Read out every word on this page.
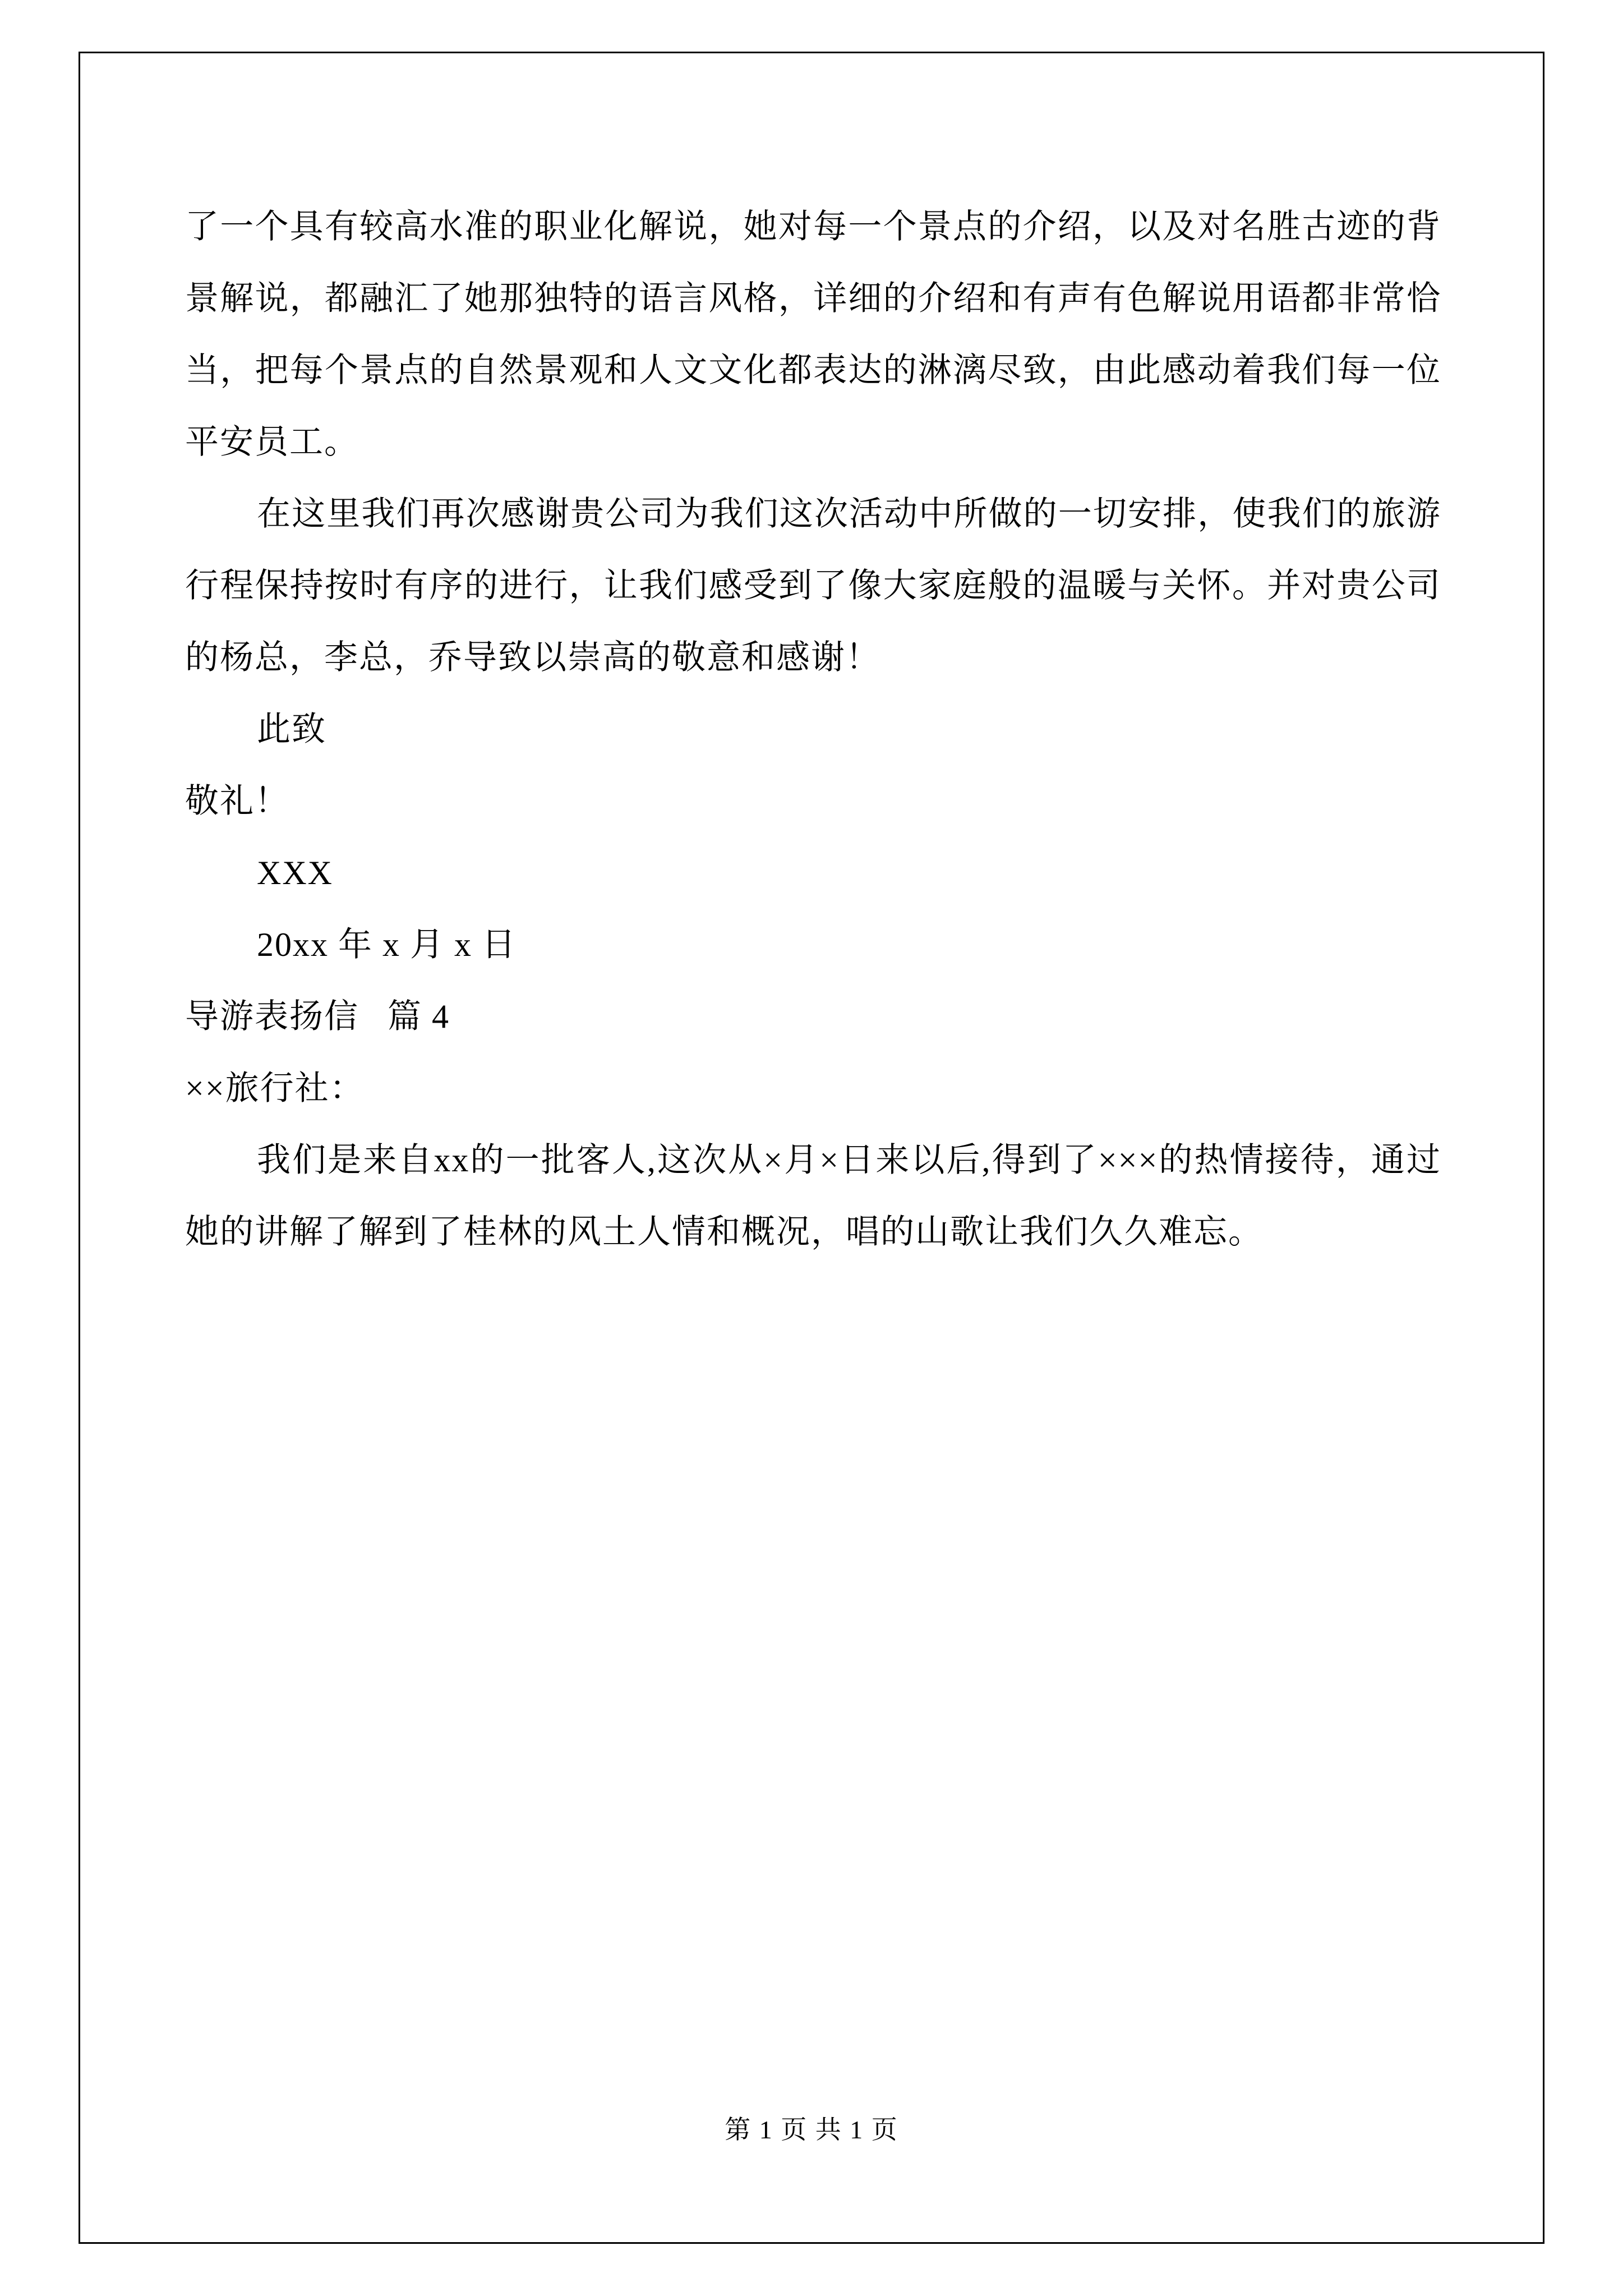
了一个具有较高水准的职业化解说，她对每一个景点的介绍，以及对名胜古迹的背景解说，都融汇了她那独特的语言风格，详细的介绍和有声有色解说用语都非常恰当，把每个景点的自然景观和人文文化都表达的淋漓尽致，由此感动着我们每一位平安员工。

在这里我们再次感谢贵公司为我们这次活动中所做的一切安排，使我们的旅游行程保持按时有序的进行，让我们感受到了像大家庭般的温暖与关怀。并对贵公司的杨总，李总，乔导致以崇高的敬意和感谢！

此致

敬礼！

XXX

20xx 年 x 月 x 日

导游表扬信   篇 4

××旅行社：

我们是来自xx的一批客人,这次从×月×日来以后,得到了×××的热情接待，通过她的讲解了解到了桂林的风土人情和概况，唱的山歌让我们久久难忘。

第 1 页 共 1 页
